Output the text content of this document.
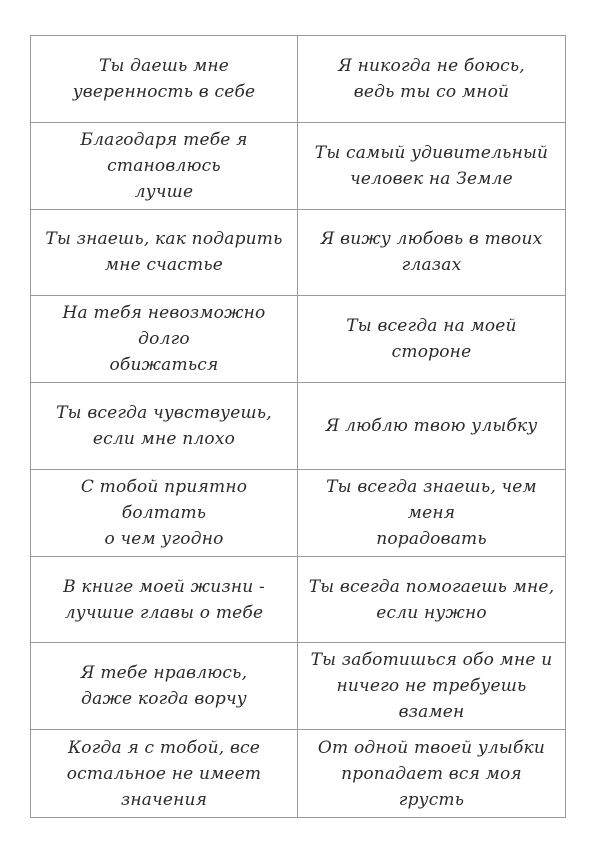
Ты даешь мне
уверенность в себе
Я никогда не боюсь,
ведь ты со мной
Благодаря тебе я становлюсь
лучше
Ты самый удивительный
человек на Земле
Ты знаешь, как подарить
мне счастье
Я вижу любовь в твоих
глазах
На тебя невозможно долго
обижаться
Ты всегда на моей стороне
Ты всегда чувствуешь,
если мне плохо
Я люблю твою улыбку
С тобой приятно болтать
о чем угодно
Ты всегда знаешь, чем меня
порадовать
В книге моей жизни -
лучшие главы о тебе
Ты всегда помогаешь мне,
если нужно
Я тебе нравлюсь,
даже когда ворчу
Ты заботишься обо мне и
ничего не требуешь взамен
Когда я с тобой, все
остальное не имеет значения
От одной твоей улыбки
пропадает вся моя грусть
